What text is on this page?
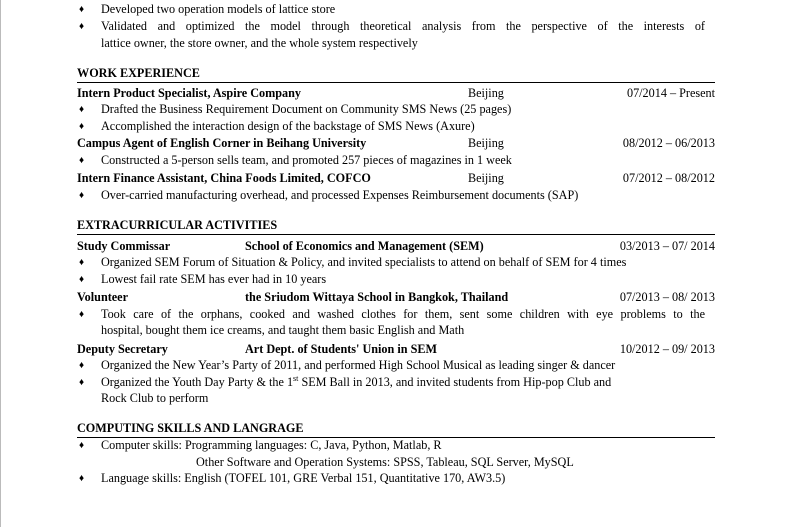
♦	Developed two operation models of lattice store
♦	Validated and optimized the model through theoretical analysis from the perspective of the interests of
lattice owner, the store owner, and the whole system respectively
WORK EXPERIENCE
Intern Product Specialist, Aspire Company	Beijing	07/2014 – Present
♦	Drafted the Business Requirement Document on Community SMS News (25 pages)
♦	Accomplished the interaction design of the backstage of SMS News (Axure)
Campus Agent of English Corner in Beihang University	Beijing	08/2012 – 06/2013
♦	Constructed a 5-person sells team, and promoted 257 pieces of magazines in 1 week
Intern Finance Assistant, China Foods Limited, COFCO	Beijing	07/2012 – 08/2012
♦	Over-carried manufacturing overhead, and processed Expenses Reimbursement documents (SAP)
EXTRACURRICULAR ACTIVITIES
Study Commissar	School of Economics and Management (SEM)	03/2013 – 07/ 2014
♦	Organized SEM Forum of Situation & Policy, and invited specialists to attend on behalf of SEM for 4 times
♦	Lowest fail rate SEM has ever had in 10 years
Volunteer	the Sriudom Wittaya School in Bangkok, Thailand	07/2013 – 08/ 2013
♦	Took care of the orphans, cooked and washed clothes for them, sent some children with eye problems to the
hospital, bought them ice creams, and taught them basic English and Math
Deputy Secretary	Art Dept. of Students' Union in SEM	10/2012 – 09/ 2013
♦	Organized the New Year’s Party of 2011, and performed High School Musical as leading singer & dancer
♦	Organized the Youth Day Party & the 1st SEM Ball in 2013, and invited students from Hip-pop Club and
Rock Club to perform
COMPUTING SKILLS AND LANGRAGE
♦	Computer skills: Programming languages: C, Java, Python, Matlab, R
Other Software and Operation Systems: SPSS, Tableau, SQL Server, MySQL
♦	Language skills: English (TOFEL 101, GRE Verbal 151, Quantitative 170, AW3.5)
